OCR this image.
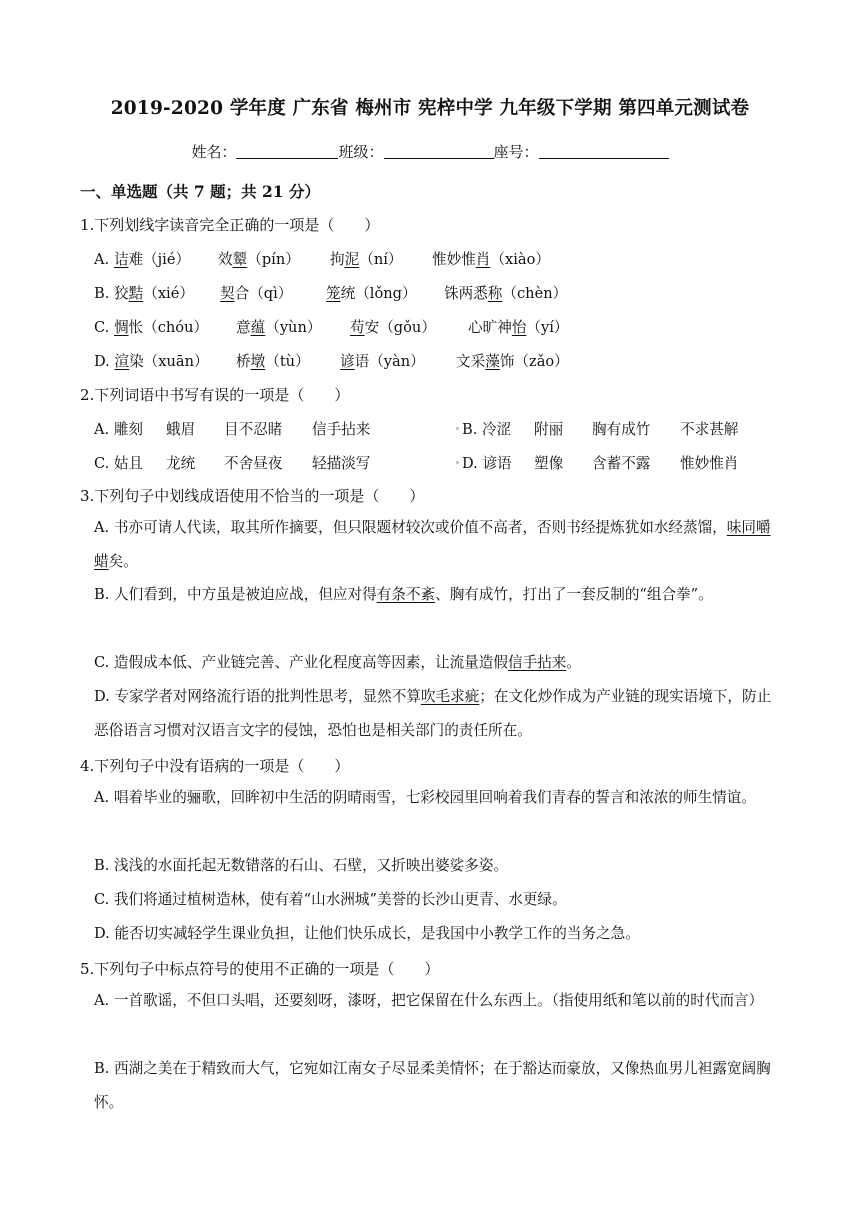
2019-2020 学年度 广东省 梅州市 宪梓中学 九年级下学期 第四单元测试卷
姓名：	班级：	座号：
一、单选题（共 7 题；共 21 分）
1.下列划线字读音完全正确的一项是（　　）
A. 诘难（jié） 效颦（pín） 拘泥（ní） 惟妙惟肖（xiào）
B. 狡黠（xié） 契合（qì） 笼统（lǒng） 铢两悉称（chèn）
C. 惆怅（chóu） 意蕴（yùn） 苟安（gǒu） 心旷神怡（yí）
D. 渲染（xuān） 桥墩（tù） 谚语（yàn） 文采藻饰（zǎo）
2.下列词语中书写有误的一项是（　　）
A. 雕刻 蛾眉 目不忍睹 信手拈来	B. 冷涩 附丽 胸有成竹 不求甚解
C. 姑且 龙统 不舍昼夜 轻描淡写	D. 谚语 塑像 含蓄不露 惟妙惟肖
3.下列句子中划线成语使用不恰当的一项是（　　）
A. 书亦可请人代读，取其所作摘要，但只限题材较次或价值不高者，否则书经提炼犹如水经蒸馏，味同嚼蜡矣。
B. 人们看到，中方虽是被迫应战，但应对得有条不紊、胸有成竹，打出了一套反制的“组合拳”。
C. 造假成本低、产业链完善、产业化程度高等因素，让流量造假信手拈来。
D. 专家学者对网络流行语的批判性思考，显然不算吹毛求疵；在文化炒作成为产业链的现实语境下，防止恶俗语言习惯对汉语言文字的侵蚀，恐怕也是相关部门的责任所在。
4.下列句子中没有语病的一项是（　　）
A. 唱着毕业的骊歌，回眸初中生活的阴晴雨雪，七彩校园里回响着我们青春的誓言和浓浓的师生情谊。
B. 浅浅的水面托起无数错落的石山、石壁，又折映出婆娑多姿。
C. 我们将通过植树造林，使有着“山水洲城”美誉的长沙山更青、水更绿。
D. 能否切实减轻学生课业负担，让他们快乐成长，是我国中小教学工作的当务之急。
5.下列句子中标点符号的使用不正确的一项是（　　）
A. 一首歌谣，不但口头唱，还要刻呀，漆呀，把它保留在什么东西上。（指使用纸和笔以前的时代而言）
B. 西湖之美在于精致而大气，它宛如江南女子尽显柔美情怀；在于豁达而豪放，又像热血男儿袒露宽阔胸怀。
